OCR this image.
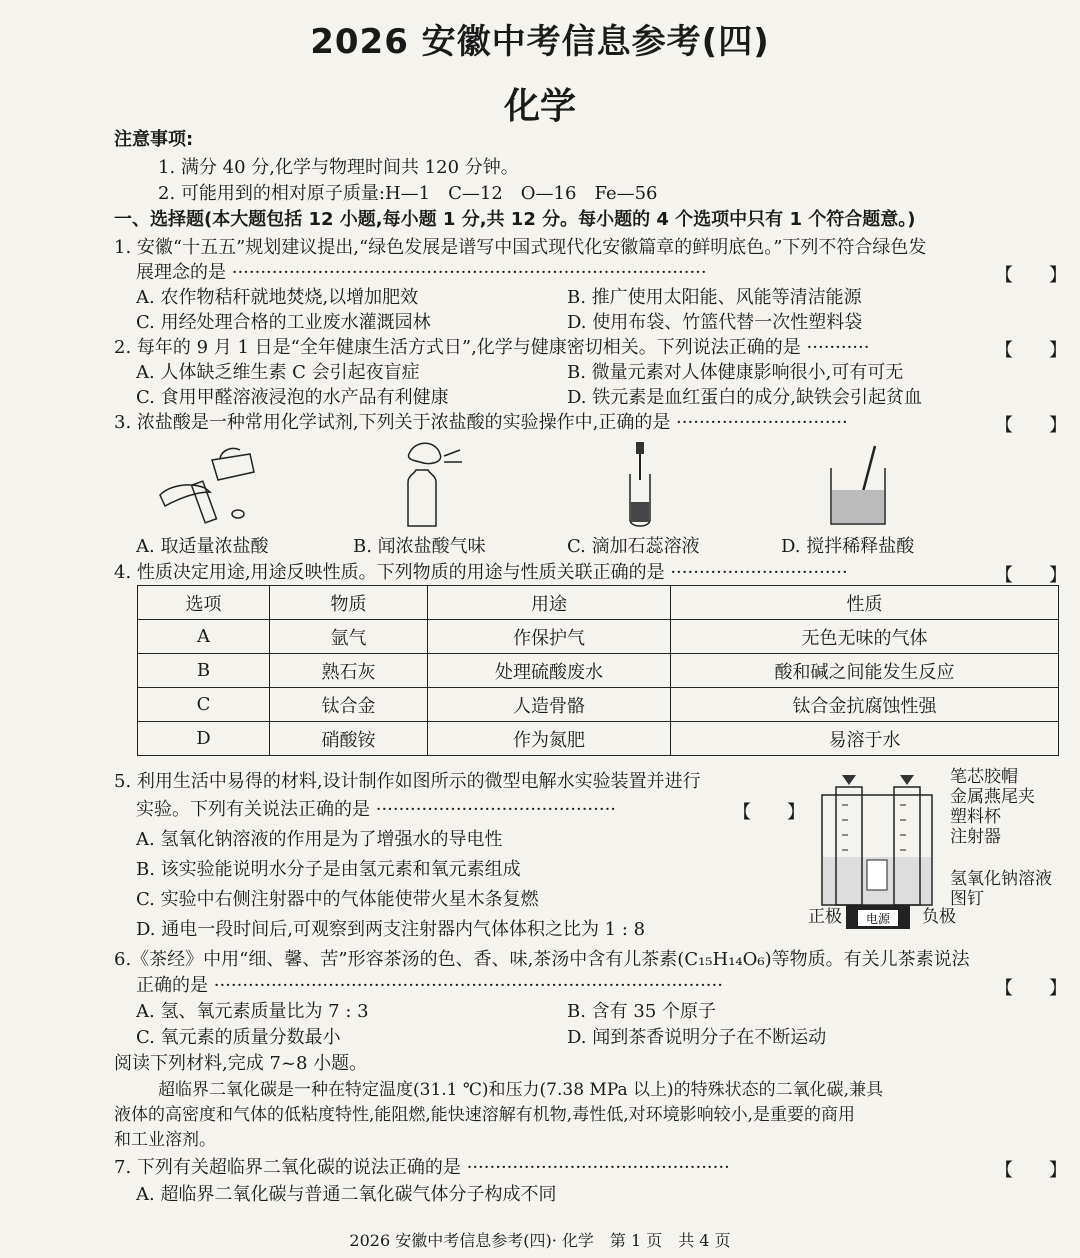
2026 安徽中考信息参考(四)
化学
注意事项:
1. 满分 40 分,化学与物理时间共 120 分钟。
2. 可能用到的相对原子质量:H—1　C—12　O—16　Fe—56
一、选择题(本大题包括 12 小题,每小题 1 分,共 12 分。每小题的 4 个选项中只有 1 个符合题意。)
1. 安徽“十五五”规划建议提出,“绿色发展是谱写中国式现代化安徽篇章的鲜明底色。”下列不符合绿色发
展理念的是 ···················································································	【　　】
A. 农作物秸秆就地焚烧,以增加肥效	B. 推广使用太阳能、风能等清洁能源
C. 用经处理合格的工业废水灌溉园林	D. 使用布袋、竹篮代替一次性塑料袋
2. 每年的 9 月 1 日是“全年健康生活方式日”,化学与健康密切相关。下列说法正确的是 ···········	【　　】
A. 人体缺乏维生素 C 会引起夜盲症	B. 微量元素对人体健康影响很小,可有可无
C. 食用甲醛溶液浸泡的水产品有利健康	D. 铁元素是血红蛋白的成分,缺铁会引起贫血
3. 浓盐酸是一种常用化学试剂,下列关于浓盐酸的实验操作中,正确的是 ······························	【　　】
A. 取适量浓盐酸	B. 闻浓盐酸气味	C. 滴加石蕊溶液	D. 搅拌稀释盐酸
4. 性质决定用途,用途反映性质。下列物质的用途与性质关联正确的是 ·······························	【　　】
选项	物质	用途	性质
A	氩气	作保护气	无色无味的气体
B	熟石灰	处理硫酸废水	酸和碱之间能发生反应
C	钛合金	人造骨骼	钛合金抗腐蚀性强
D	硝酸铵	作为氮肥	易溶于水
5. 利用生活中易得的材料,设计制作如图所示的微型电解水实验装置并进行
实验。下列有关说法正确的是 ··········································	【　　】
A. 氢氧化钠溶液的作用是为了增强水的导电性
B. 该实验能说明水分子是由氢元素和氧元素组成
C. 实验中右侧注射器中的气体能使带火星木条复燃
D. 通电一段时间后,可观察到两支注射器内气体体积之比为 1 : 8	电源
笔芯胶帽
金属燕尾夹
塑料杯
注射器
氢氧化钠溶液
图钉
正极	负极
6.《茶经》中用“细、馨、苦”形容茶汤的色、香、味,茶汤中含有儿茶素(C₁₅H₁₄O₆)等物质。有关儿茶素说法
正确的是 ·························································································	【　　】
A. 氢、氧元素质量比为 7 : 3	B. 含有 35 个原子
C. 氧元素的质量分数最小	D. 闻到茶香说明分子在不断运动
阅读下列材料,完成 7~8 小题。
超临界二氧化碳是一种在特定温度(31.1 ℃)和压力(7.38 MPa 以上)的特殊状态的二氧化碳,兼具
液体的高密度和气体的低粘度特性,能阻燃,能快速溶解有机物,毒性低,对环境影响较小,是重要的商用
和工业溶剂。
7. 下列有关超临界二氧化碳的说法正确的是 ··············································	【　　】
A. 超临界二氧化碳与普通二氧化碳气体分子构成不同
2026 安徽中考信息参考(四)· 化学　第 1 页　共 4 页
